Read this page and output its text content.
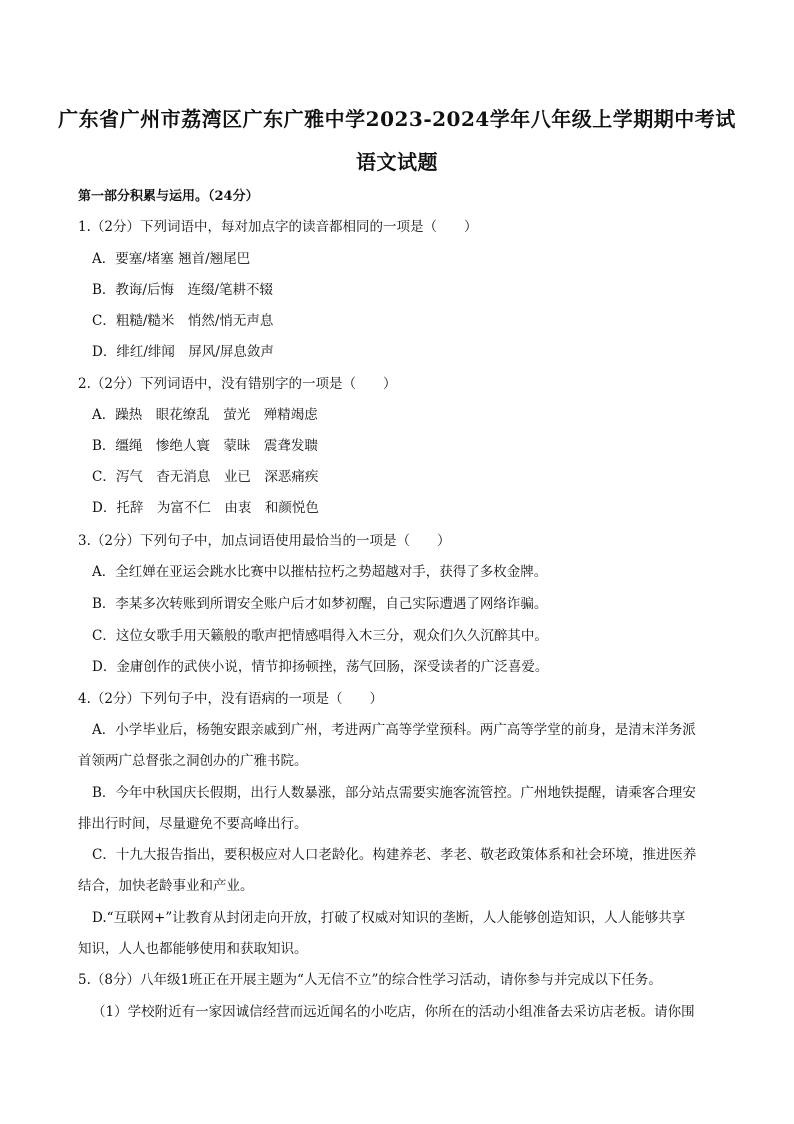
广东省广州市荔湾区广东广雅中学2023-2024学年八年级上学期期中考试
语文试题
第一部分积累与运用。（24分）
1.（2分）下列词语中，每对加点字的读音都相同的一项是（　　）
A．要塞/堵塞 翘首/翘尾巴
B．教诲/后悔　连缀/笔耕不辍
C．粗糙/糙米　悄然/悄无声息
D．绯红/绯闻　屏风/屏息敛声
2.（2分）下列词语中，没有错别字的一项是（　　）
A．躁热　眼花缭乱　萤光　殚精竭虑
B．缰绳　惨绝人寰　蒙昧　震聋发聩
C．泻气　杳无消息　业已　深恶痛疾
D．托辞　为富不仁　由衷　和颜悦色
3.（2分）下列句子中，加点词语使用最恰当的一项是（　　）
A．全红婵在亚运会跳水比赛中以摧枯拉朽之势超越对手，获得了多枚金牌。
B．李某多次转账到所谓安全账户后才如梦初醒，自己实际遭遇了网络诈骗。
C．这位女歌手用天籁般的歌声把情感唱得入木三分，观众们久久沉醉其中。
D．金庸创作的武侠小说，情节抑扬顿挫，荡气回肠，深受读者的广泛喜爱。
4.（2分）下列句子中，没有语病的一项是（　　）
A．小学毕业后，杨匏安跟亲戚到广州，考进两广高等学堂预科。两广高等学堂的前身，是清末洋务派
首领两广总督张之洞创办的广雅书院。
B．今年中秋国庆长假期，出行人数暴涨，部分站点需要实施客流管控。广州地铁提醒，请乘客合理安
排出行时间，尽量避免不要高峰出行。
C．十九大报告指出，要积极应对人口老龄化。构建养老、孝老、敬老政策体系和社会环境，推进医养
结合，加快老龄事业和产业。
D.“互联网+”让教育从封闭走向开放，打破了权威对知识的垄断，人人能够创造知识，人人能够共享
知识，人人也都能够使用和获取知识。
5.（8分）八年级1班正在开展主题为“人无信不立”的综合性学习活动，请你参与并完成以下任务。
（1）学校附近有一家因诚信经营而远近闻名的小吃店，你所在的活动小组准备去采访店老板。请你围
